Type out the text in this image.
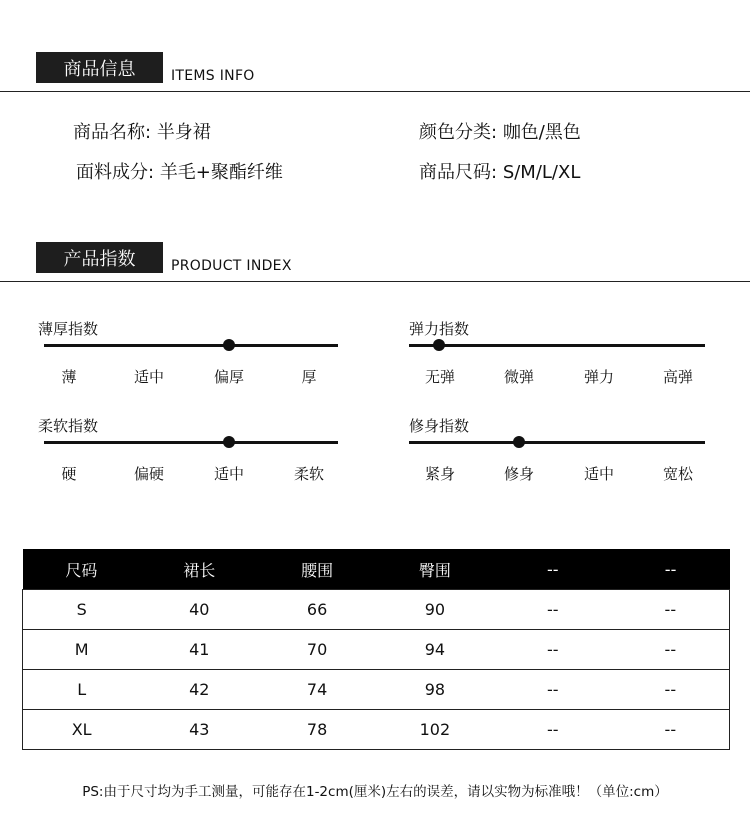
商品信息	ITEMS INFO
商品名称: 半身裙	颜色分类: 咖色/黑色
面料成分: 羊毛+聚酯纤维	商品尺码: S/M/L/XL
产品指数	PRODUCT INDEX
薄厚指数
薄	适中	偏厚	厚
弹力指数
无弹	微弹	弹力	高弹
柔软指数
硬	偏硬	适中	柔软
修身指数
紧身	修身	适中	宽松
尺码	裙长	腰围	臀围	--	--
S	40	66	90	--	--
M	41	70	94	--	--
L	42	74	98	--	--
XL	43	78	102	--	--
PS:由于尺寸均为手工测量，可能存在1-2cm(厘米)左右的误差，请以实物为标准哦！（单位:cm）
